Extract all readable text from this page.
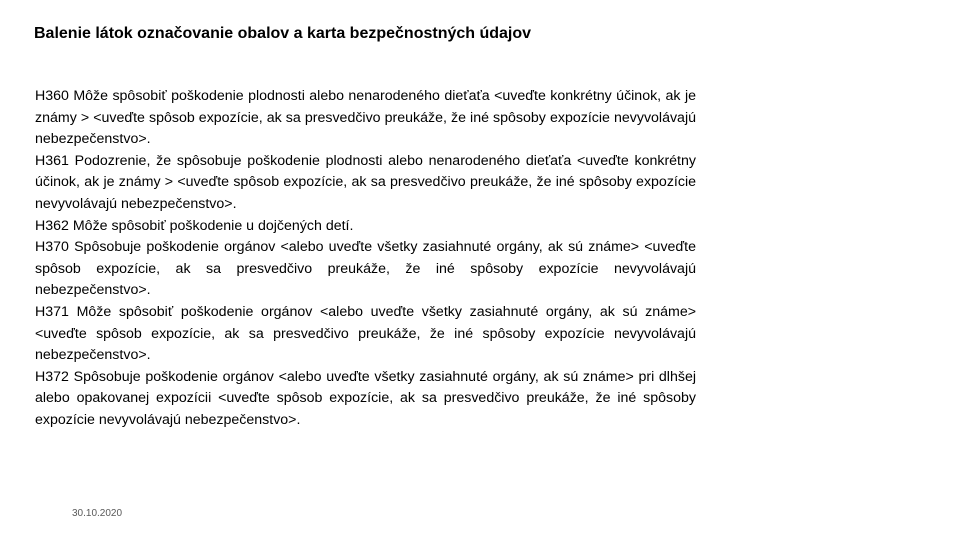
Balenie látok označovanie obalov a karta bezpečnostných údajov

H360 Môže spôsobiť poškodenie plodnosti alebo nenarodeného dieťaťa <uveďte konkrétny účinok, ak je známy > <uveďte spôsob expozície, ak sa presvedčivo preukáže, že iné spôsoby expozície nevyvolávajú nebezpečenstvo>.

H361 Podozrenie, že spôsobuje poškodenie plodnosti alebo nenarodeného dieťaťa <uveďte konkrétny účinok, ak je známy > <uveďte spôsob expozície, ak sa presvedčivo preukáže, že iné spôsoby expozície nevyvolávajú nebezpečenstvo>.

H362 Môže spôsobiť poškodenie u dojčených detí.

H370 Spôsobuje poškodenie orgánov <alebo uveďte všetky zasiahnuté orgány, ak sú známe> <uveďte spôsob expozície, ak sa presvedčivo preukáže, že iné spôsoby expozície nevyvolávajú nebezpečenstvo>.

H371 Môže spôsobiť poškodenie orgánov <alebo uveďte všetky zasiahnuté orgány, ak sú známe> <uveďte spôsob expozície, ak sa presvedčivo preukáže, že iné spôsoby expozície nevyvolávajú nebezpečenstvo>.

H372 Spôsobuje poškodenie orgánov <alebo uveďte všetky zasiahnuté orgány, ak sú známe> pri dlhšej alebo opakovanej expozícii <uveďte spôsob expozície, ak sa presvedčivo preukáže, že iné spôsoby expozície nevyvolávajú nebezpečenstvo>.

30.10.2020
